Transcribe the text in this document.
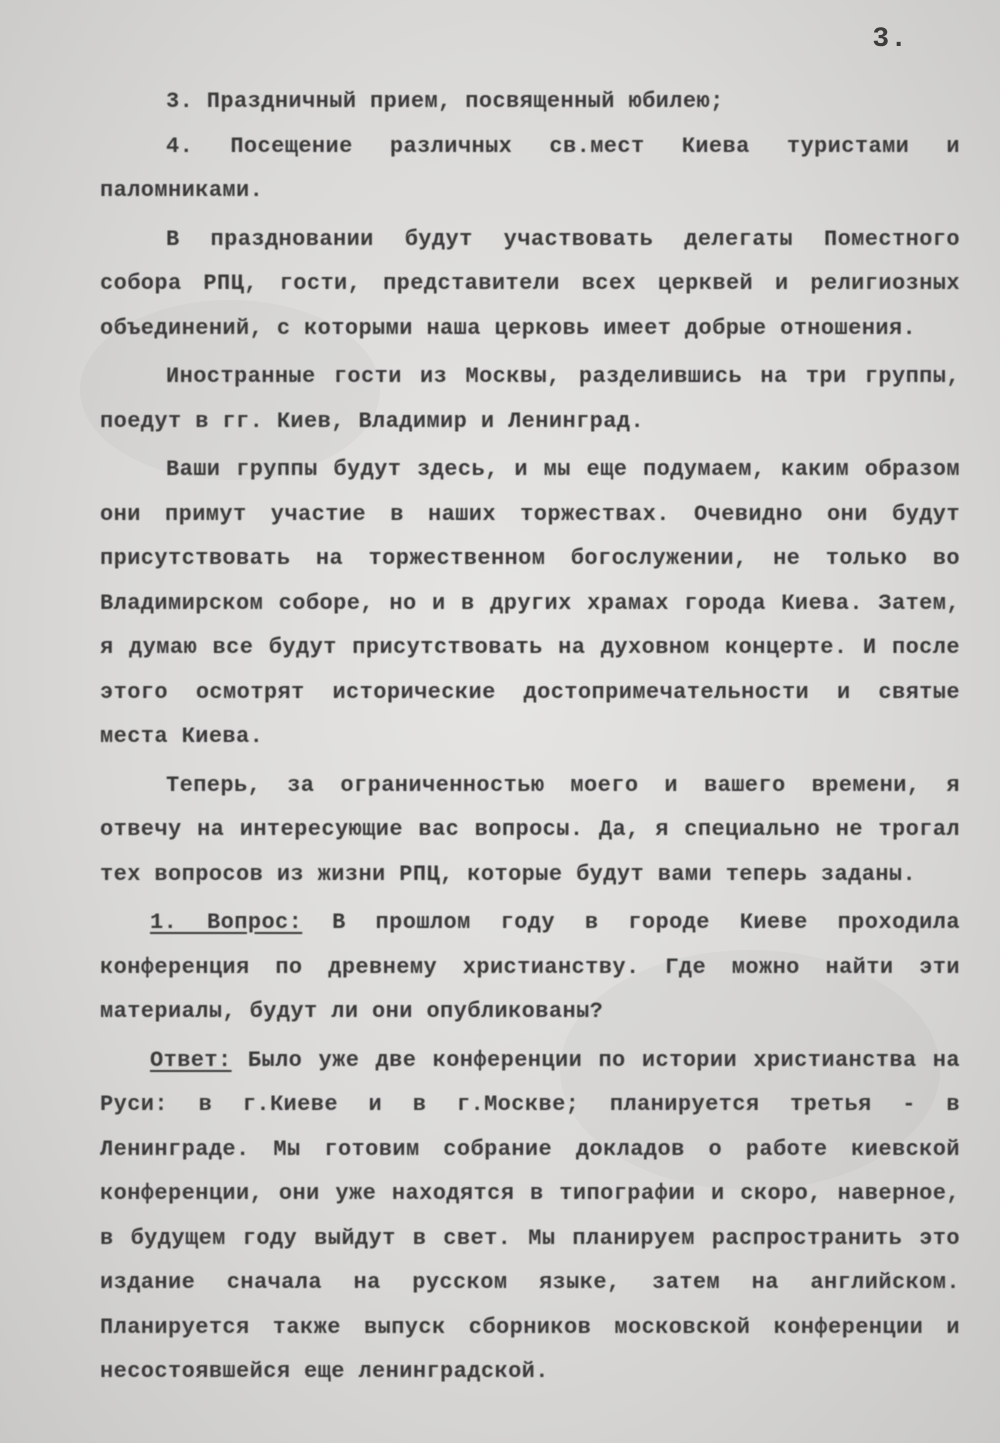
3.

3. Праздничный прием, посвященный юбилею;

4. Посещение различных св.мест Киева туристами и паломниками.

В праздновании будут участвовать делегаты Поместного собора РПЦ, гости, представители всех церквей и религиозных объединений, с которыми наша церковь имеет добрые отношения.

Иностранные гости из Москвы, разделившись на три группы, поедут в гг. Киев, Владимир и Ленинград.

Ваши группы будут здесь, и мы еще подумаем, каким образом они примут участие в наших торжествах. Очевидно они будут присутствовать на торжественном богослужении, не только во Владимирском соборе, но и в других храмах города Киева. Затем, я думаю все будут присутствовать на духовном концерте. И после этого осмотрят исторические достопримечательности и святые места Киева.

Теперь, за ограниченностью моего и вашего времени, я отвечу на интересующие вас вопросы. Да, я специально не трогал тех вопросов из жизни РПЦ, которые будут вами теперь заданы.

1. Вопрос: В прошлом году в городе Киеве проходила конференция по древнему христианству. Где можно найти эти материалы, будут ли они опубликованы?

Ответ: Было уже две конференции по истории христианства на Руси: в г.Киеве и в г.Москве; планируется третья - в Ленинграде. Мы готовим собрание докладов о работе киевской конференции, они уже находятся в типографии и скоро, наверное, в будущем году выйдут в свет. Мы планируем распространить это издание сначала на русском языке, затем на английском. Планируется также выпуск сборников московской конференции и несостоявшейся еще ленинградской.
